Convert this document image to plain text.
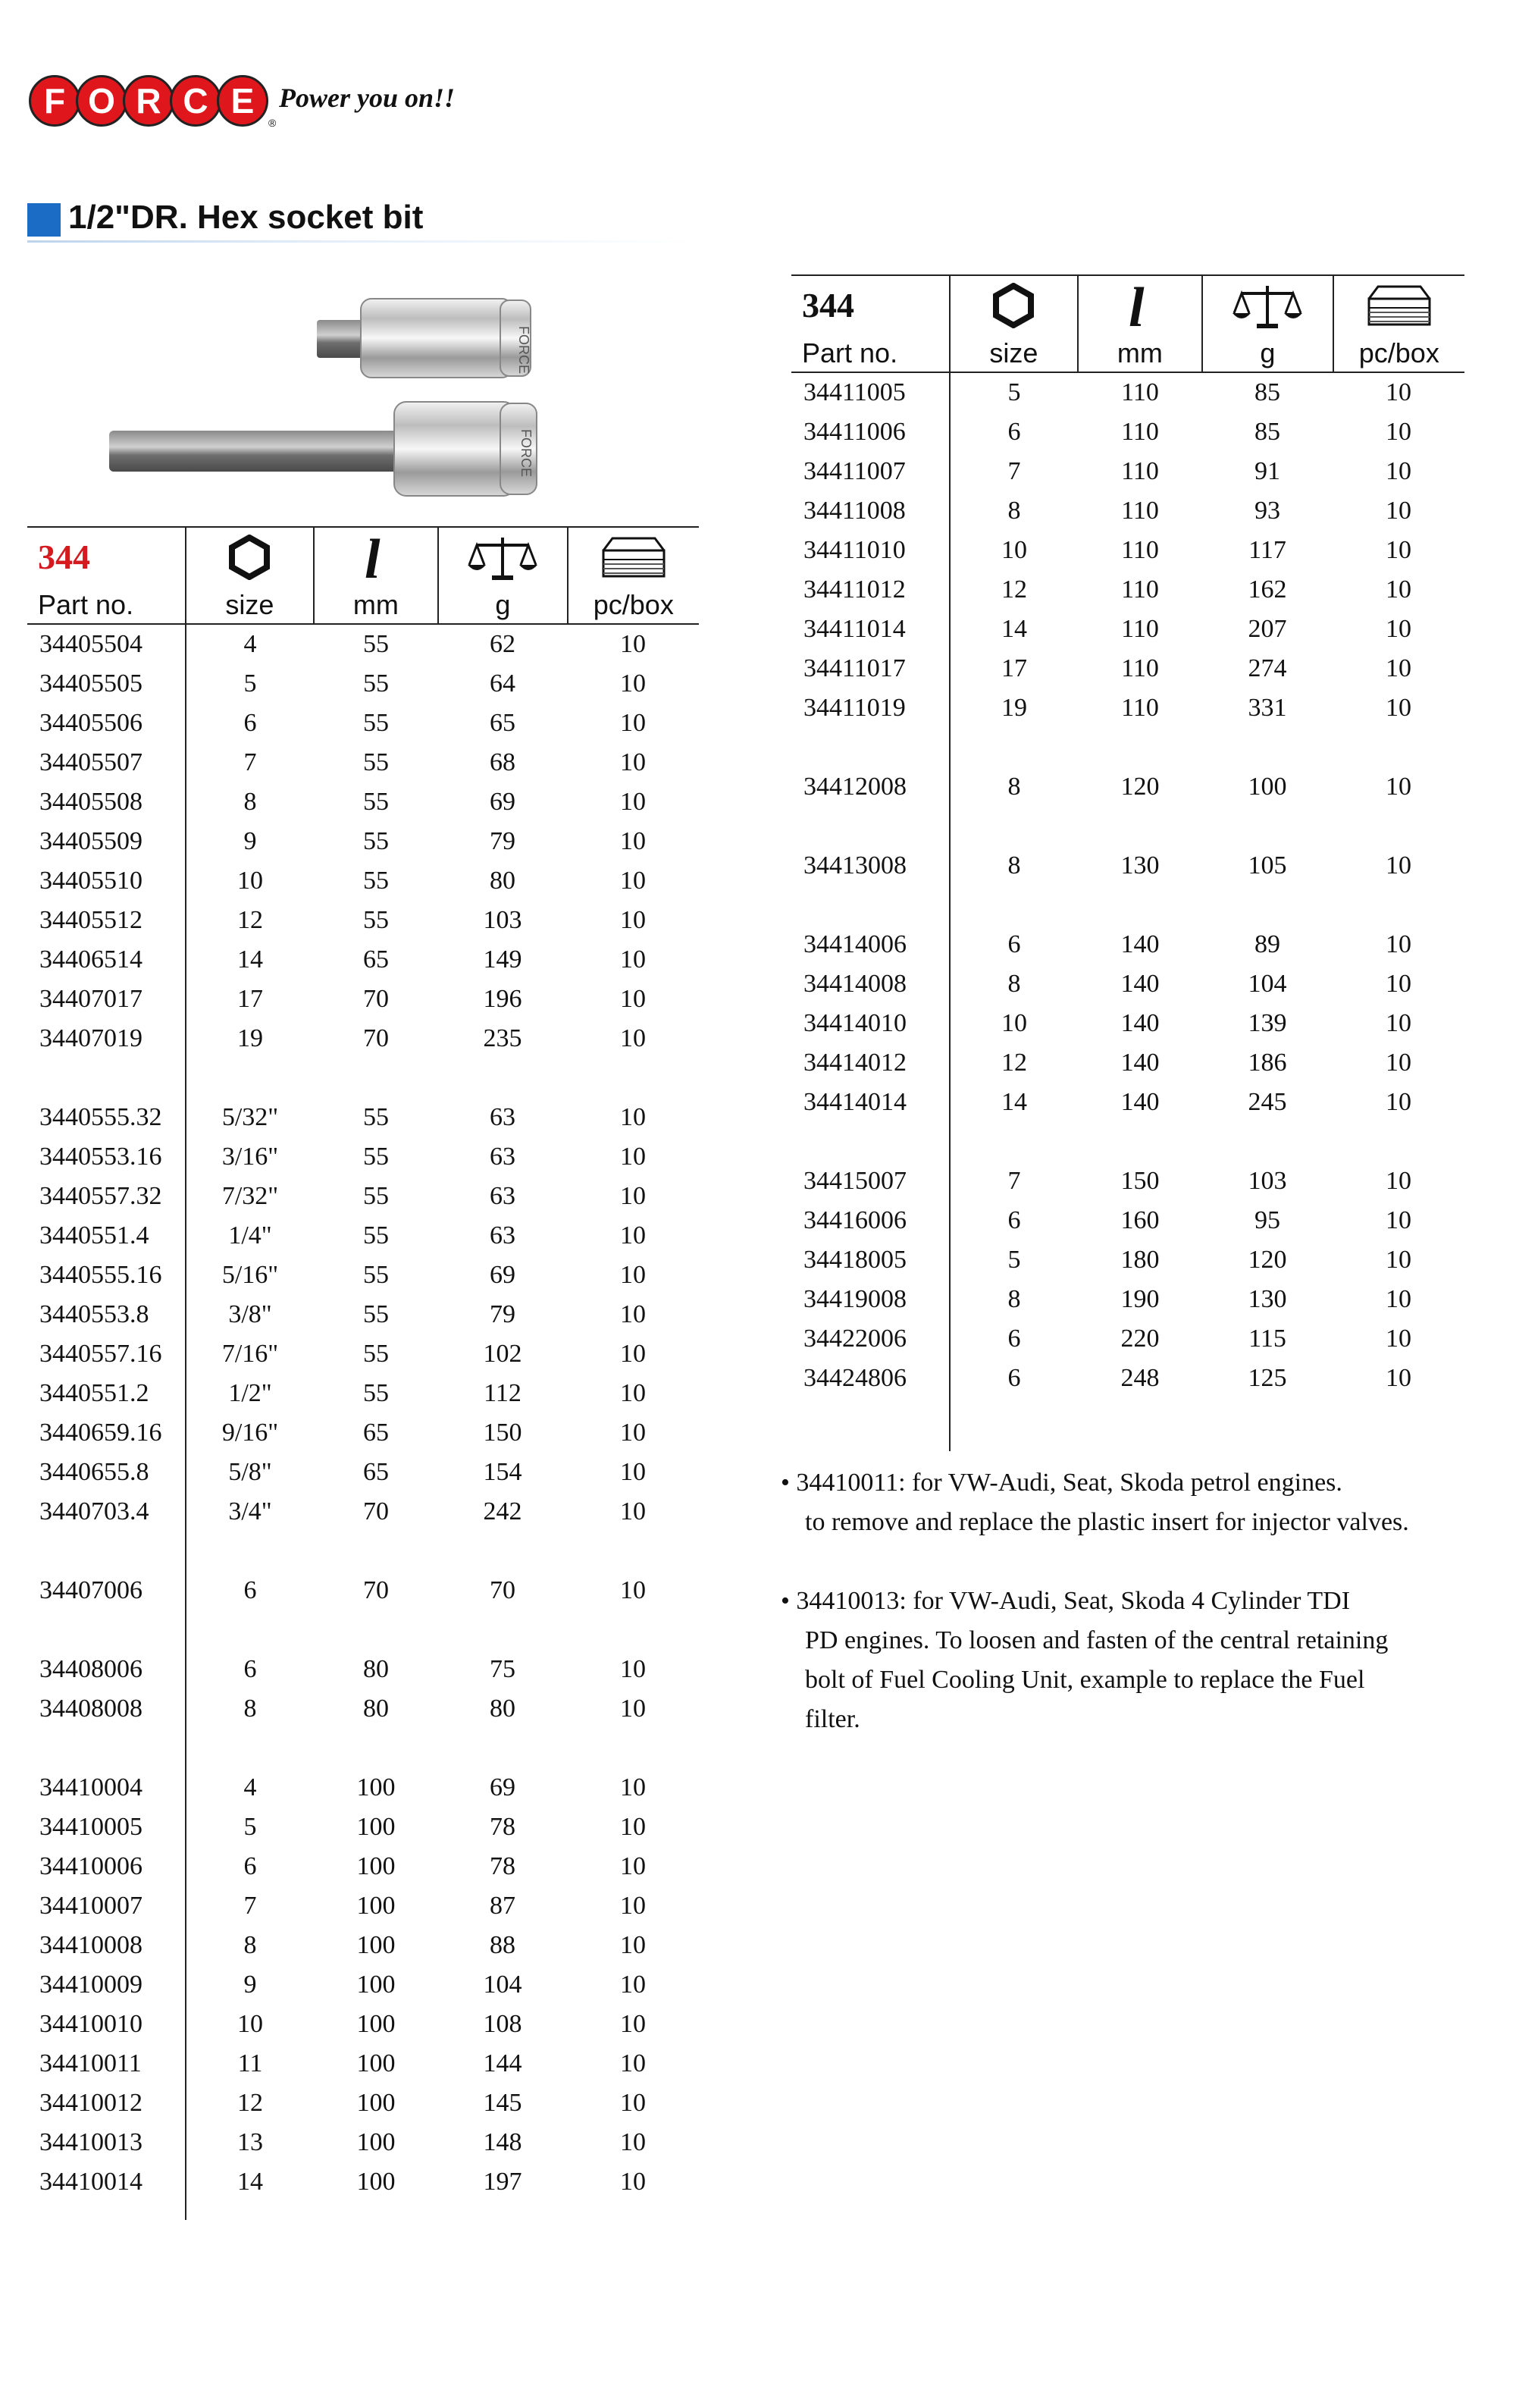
F O R C E
®
Power you on!!
1/2"DR. Hex socket bit
FORCE
FORCE
344	l
Part no.	size	mm	g	pc/box
34405504	4	55	62	10
34405505	5	55	64	10
34405506	6	55	65	10
34405507	7	55	68	10
34405508	8	55	69	10
34405509	9	55	79	10
34405510	10	55	80	10
34405512	12	55	103	10
34406514	14	65	149	10
34407017	17	70	196	10
34407019	19	70	235	10
3440555.32	5/32"	55	63	10
3440553.16	3/16"	55	63	10
3440557.32	7/32"	55	63	10
3440551.4	1/4"	55	63	10
3440555.16	5/16"	55	69	10
3440553.8	3/8"	55	79	10
3440557.16	7/16"	55	102	10
3440551.2	1/2"	55	112	10
3440659.16	9/16"	65	150	10
3440655.8	5/8"	65	154	10
3440703.4	3/4"	70	242	10
34407006	6	70	70	10
34408006	6	80	75	10
34408008	8	80	80	10
34410004	4	100	69	10
34410005	5	100	78	10
34410006	6	100	78	10
34410007	7	100	87	10
34410008	8	100	88	10
34410009	9	100	104	10
34410010	10	100	108	10
34410011	11	100	144	10
34410012	12	100	145	10
34410013	13	100	148	10
34410014	14	100	197	10
344	l
Part no.	size	mm	g	pc/box
34411005	5	110	85	10
34411006	6	110	85	10
34411007	7	110	91	10
34411008	8	110	93	10
34411010	10	110	117	10
34411012	12	110	162	10
34411014	14	110	207	10
34411017	17	110	274	10
34411019	19	110	331	10
34412008	8	120	100	10
34413008	8	130	105	10
34414006	6	140	89	10
34414008	8	140	104	10
34414010	10	140	139	10
34414012	12	140	186	10
34414014	14	140	245	10
34415007	7	150	103	10
34416006	6	160	95	10
34418005	5	180	120	10
34419008	8	190	130	10
34422006	6	220	115	10
34424806	6	248	125	10

• 34410011: for VW-Audi, Seat, Skoda petrol engines.

to remove and replace the plastic insert for injector valves.

• 34410013: for VW-Audi, Seat, Skoda 4 Cylinder TDI

PD engines. To loosen and fasten of the central retaining

bolt of Fuel Cooling Unit, example to replace the Fuel

filter.
